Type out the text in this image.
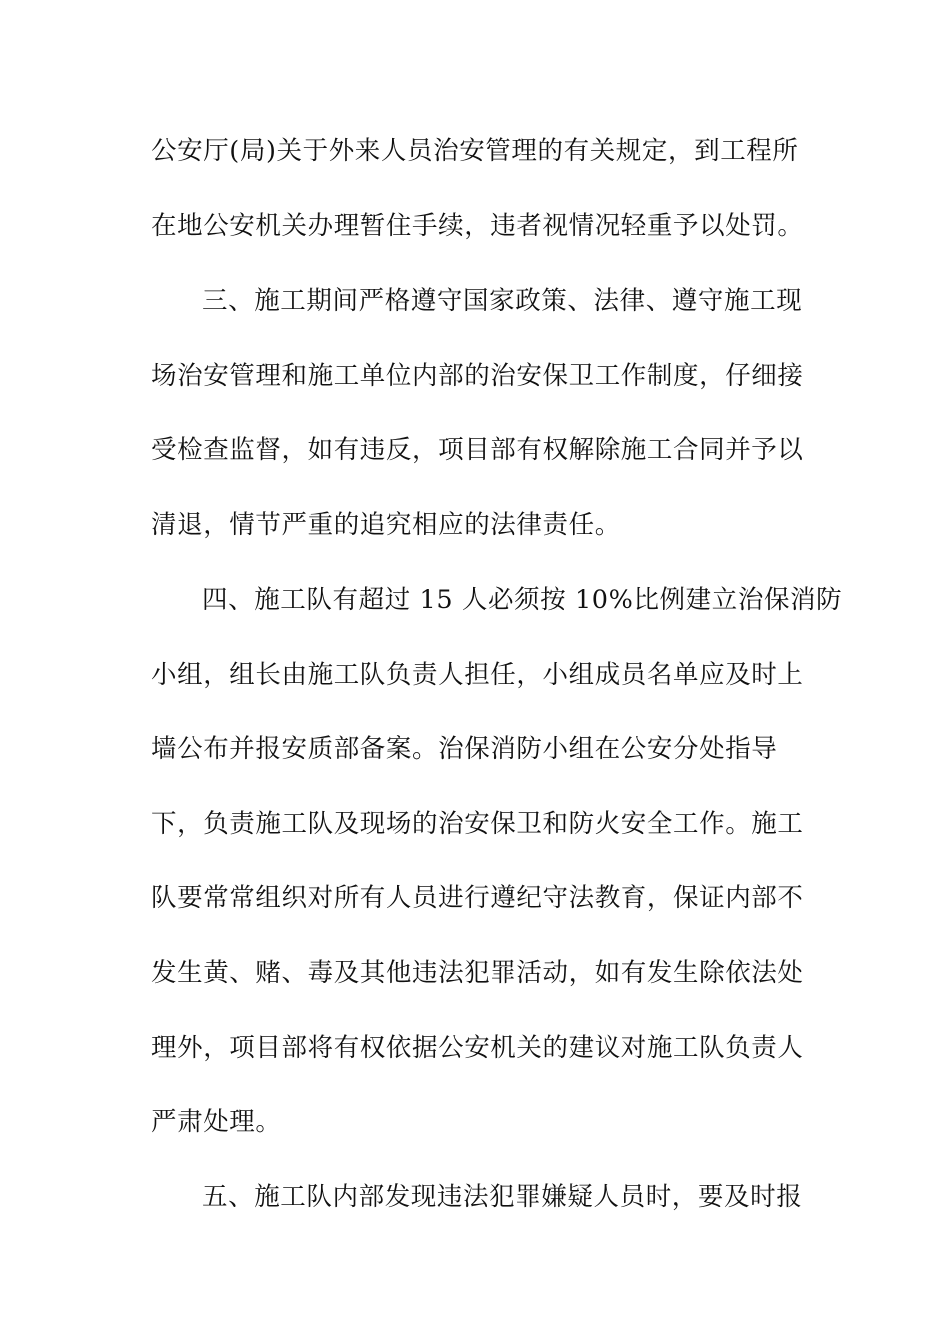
公安厅(局)关于外来人员治安管理的有关规定，到工程所
在地公安机关办理暂住手续，违者视情况轻重予以处罚。
三、施工期间严格遵守国家政策、法律、遵守施工现
场治安管理和施工单位内部的治安保卫工作制度，仔细接
受检查监督，如有违反，项目部有权解除施工合同并予以
清退，情节严重的追究相应的法律责任。
四、施工队有超过 15 人必须按 10%比例建立治保消防
小组，组长由施工队负责人担任，小组成员名单应及时上
墙公布并报安质部备案。治保消防小组在公安分处指导
下，负责施工队及现场的治安保卫和防火安全工作。施工
队要常常组织对所有人员进行遵纪守法教育，保证内部不
发生黄、赌、毒及其他违法犯罪活动，如有发生除依法处
理外，项目部将有权依据公安机关的建议对施工队负责人
严肃处理。
五、施工队内部发现违法犯罪嫌疑人员时，要及时报
